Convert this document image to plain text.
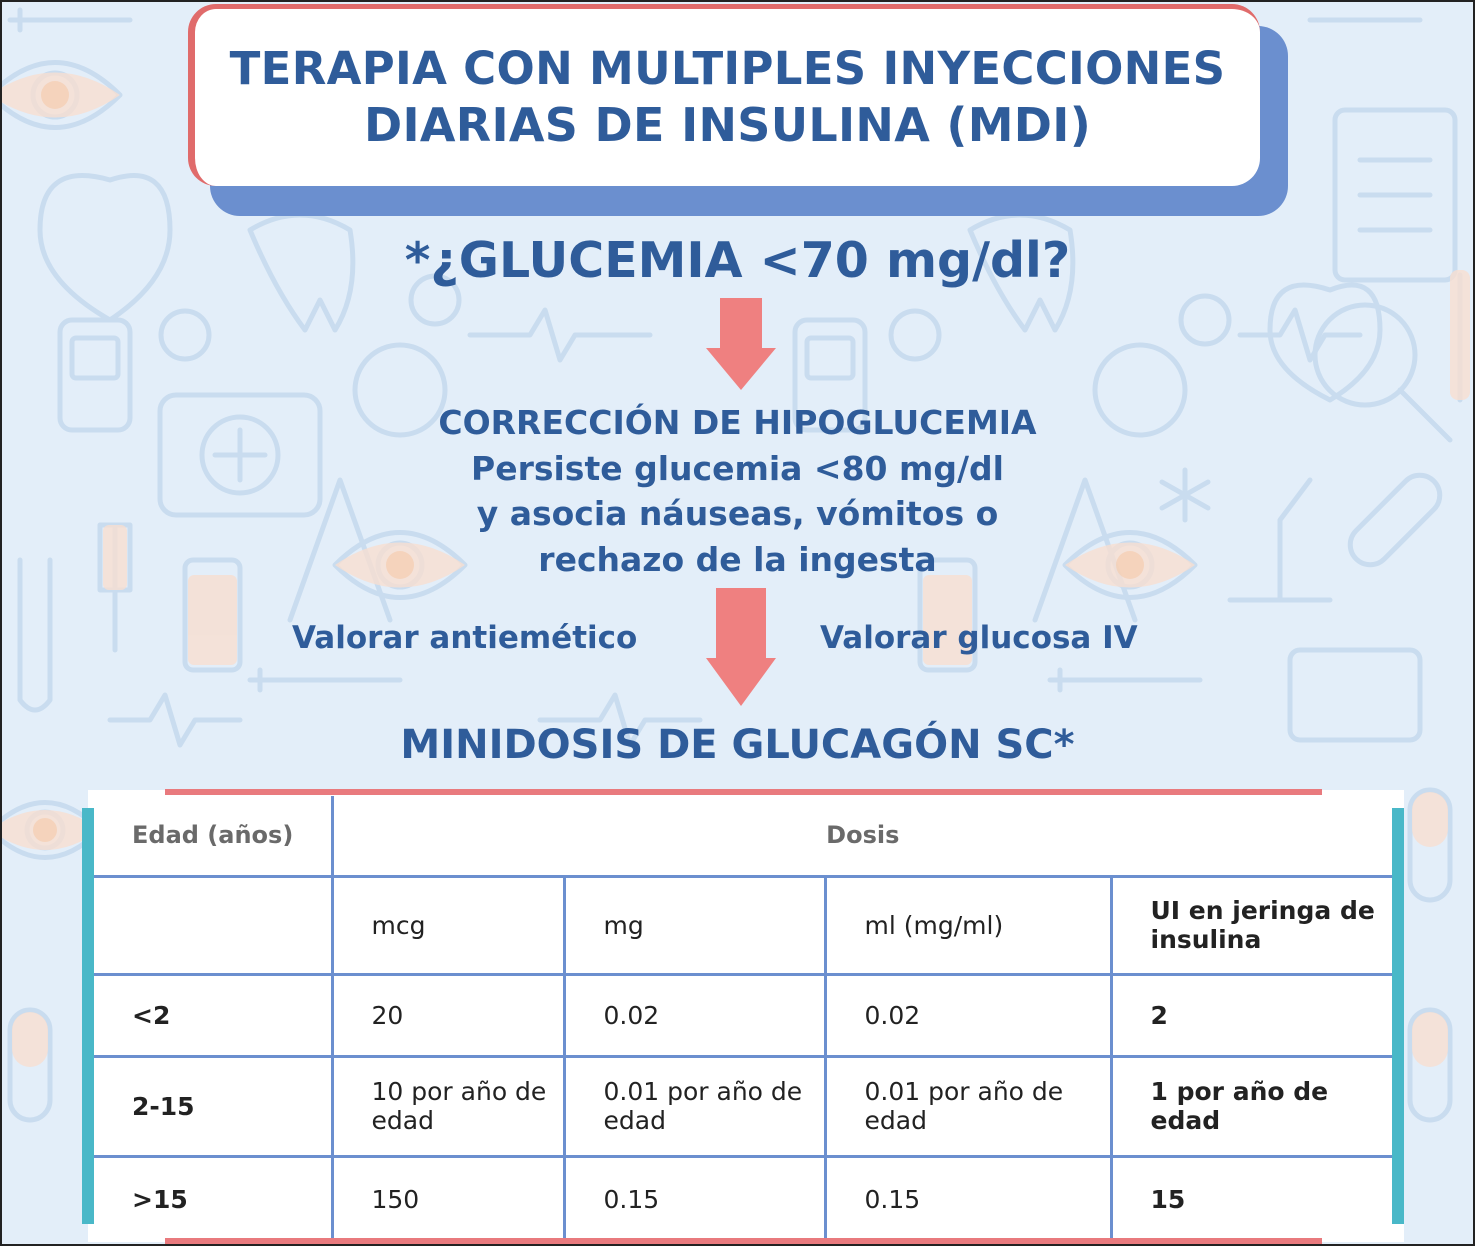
TERAPIA CON MULTIPLES INYECCIONES
DIARIAS DE INSULINA (MDI)
*¿GLUCEMIA <70 mg/dl?
CORRECCIÓN DE HIPOGLUCEMIA
Persiste glucemia <80 mg/dl
y asocia náuseas, vómitos o
rechazo de la ingesta
Valorar antiemético	Valorar glucosa IV
MINIDOSIS DE GLUCAGÓN SC*
Edad (años)	Dosis			
	mcg	mg	ml (mg/ml)	UI en jeringa de insulina
<2	20	0.02	0.02	2
2-15	10 por año de edad	0.01 por año de edad	0.01 por año de edad	1 por año de edad
>15	150	0.15	0.15	15
